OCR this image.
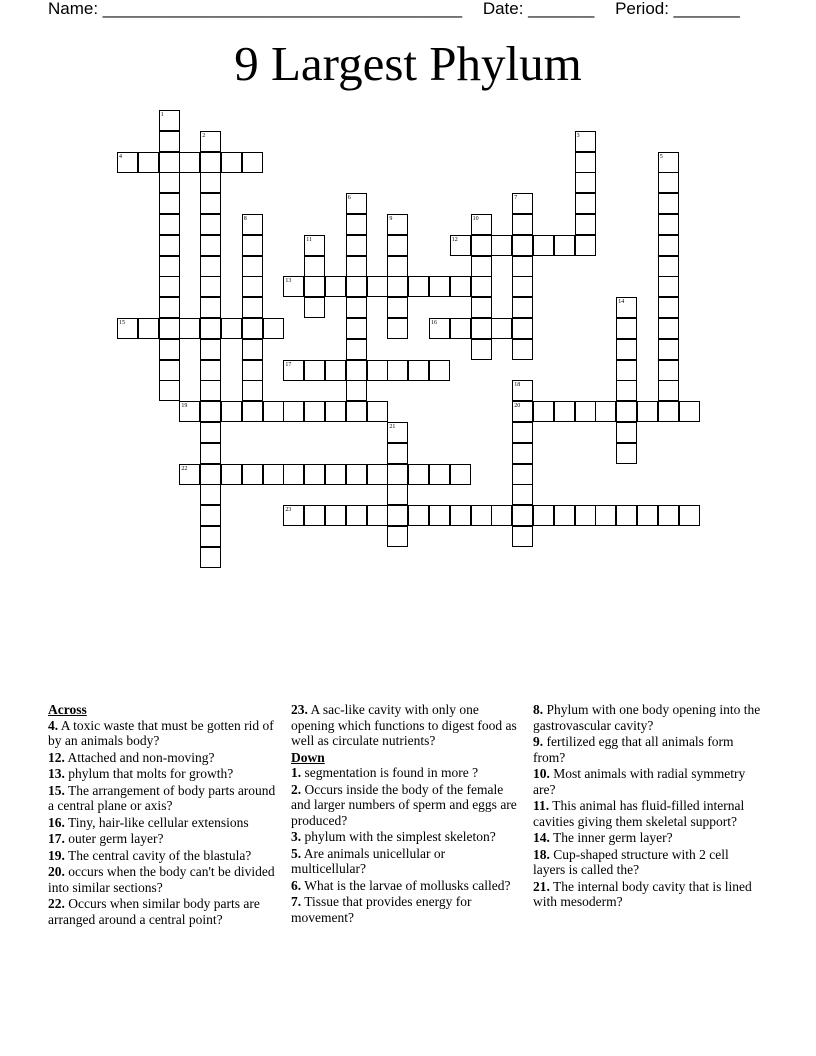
Name: ______________________________________ Date: _______ Period: _______
9 Largest Phylum
1
2	3
4	5
6	7
8	9	10
11	12
13
14
15	16
17
18
19	20
21
22
23
Across
4. A toxic waste that must be gotten rid of by an animals body?
12. Attached and non-moving?
13. phylum that molts for growth?
15. The arrangement of body parts around a central plane or axis?
16. Tiny, hair-like cellular extensions
17. outer germ layer?
19. The central cavity of the blastula?
20. occurs when the body can't be divided into similar sections?
22. Occurs when similar body parts are arranged around a central point?
23. A sac-like cavity with only one opening which functions to digest food as well as circulate nutrients?
Down
1. segmentation is found in more ?
2. Occurs inside the body of the female and larger numbers of sperm and eggs are produced?
3. phylum with the simplest skeleton?
5. Are animals unicellular or multicellular?
6. What is the larvae of mollusks called?
7. Tissue that provides energy for movement?
8. Phylum with one body opening into the gastrovascular cavity?
9. fertilized egg that all animals form from?
10. Most animals with radial symmetry are?
11. This animal has fluid-filled internal cavities giving them skeletal support?
14. The inner germ layer?
18. Cup-shaped structure with 2 cell layers is called the?
21. The internal body cavity that is lined with mesoderm?
